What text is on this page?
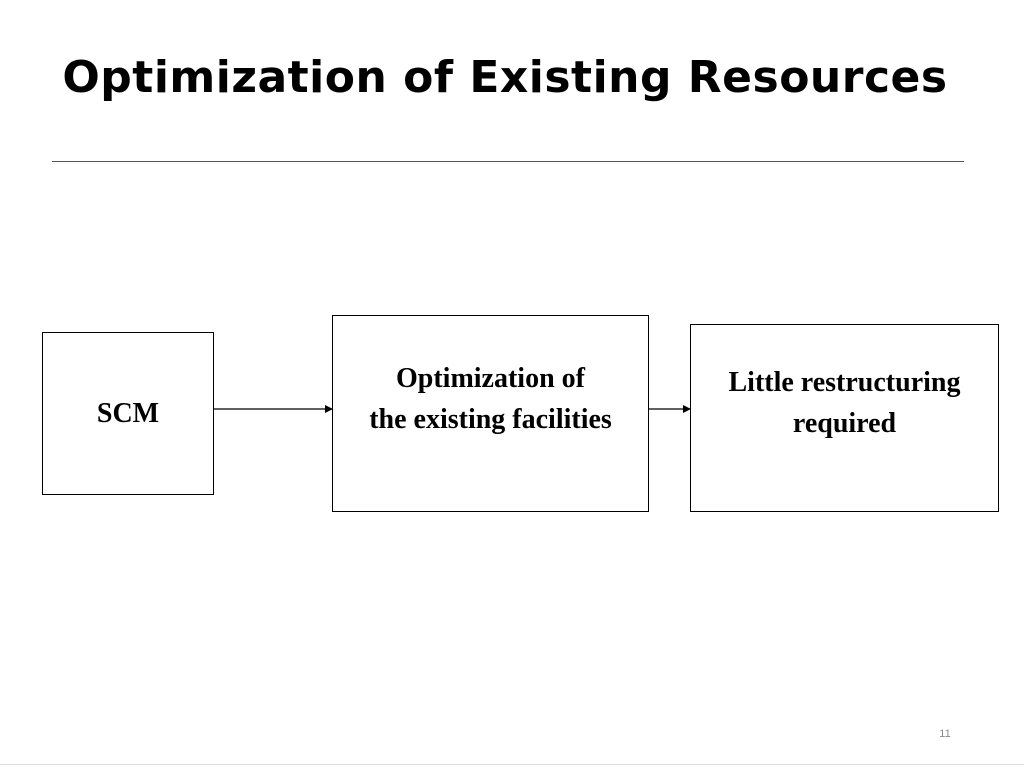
Optimization of Existing Resources
SCM
Optimization of
the existing facilities
Little restructuring
required
11
